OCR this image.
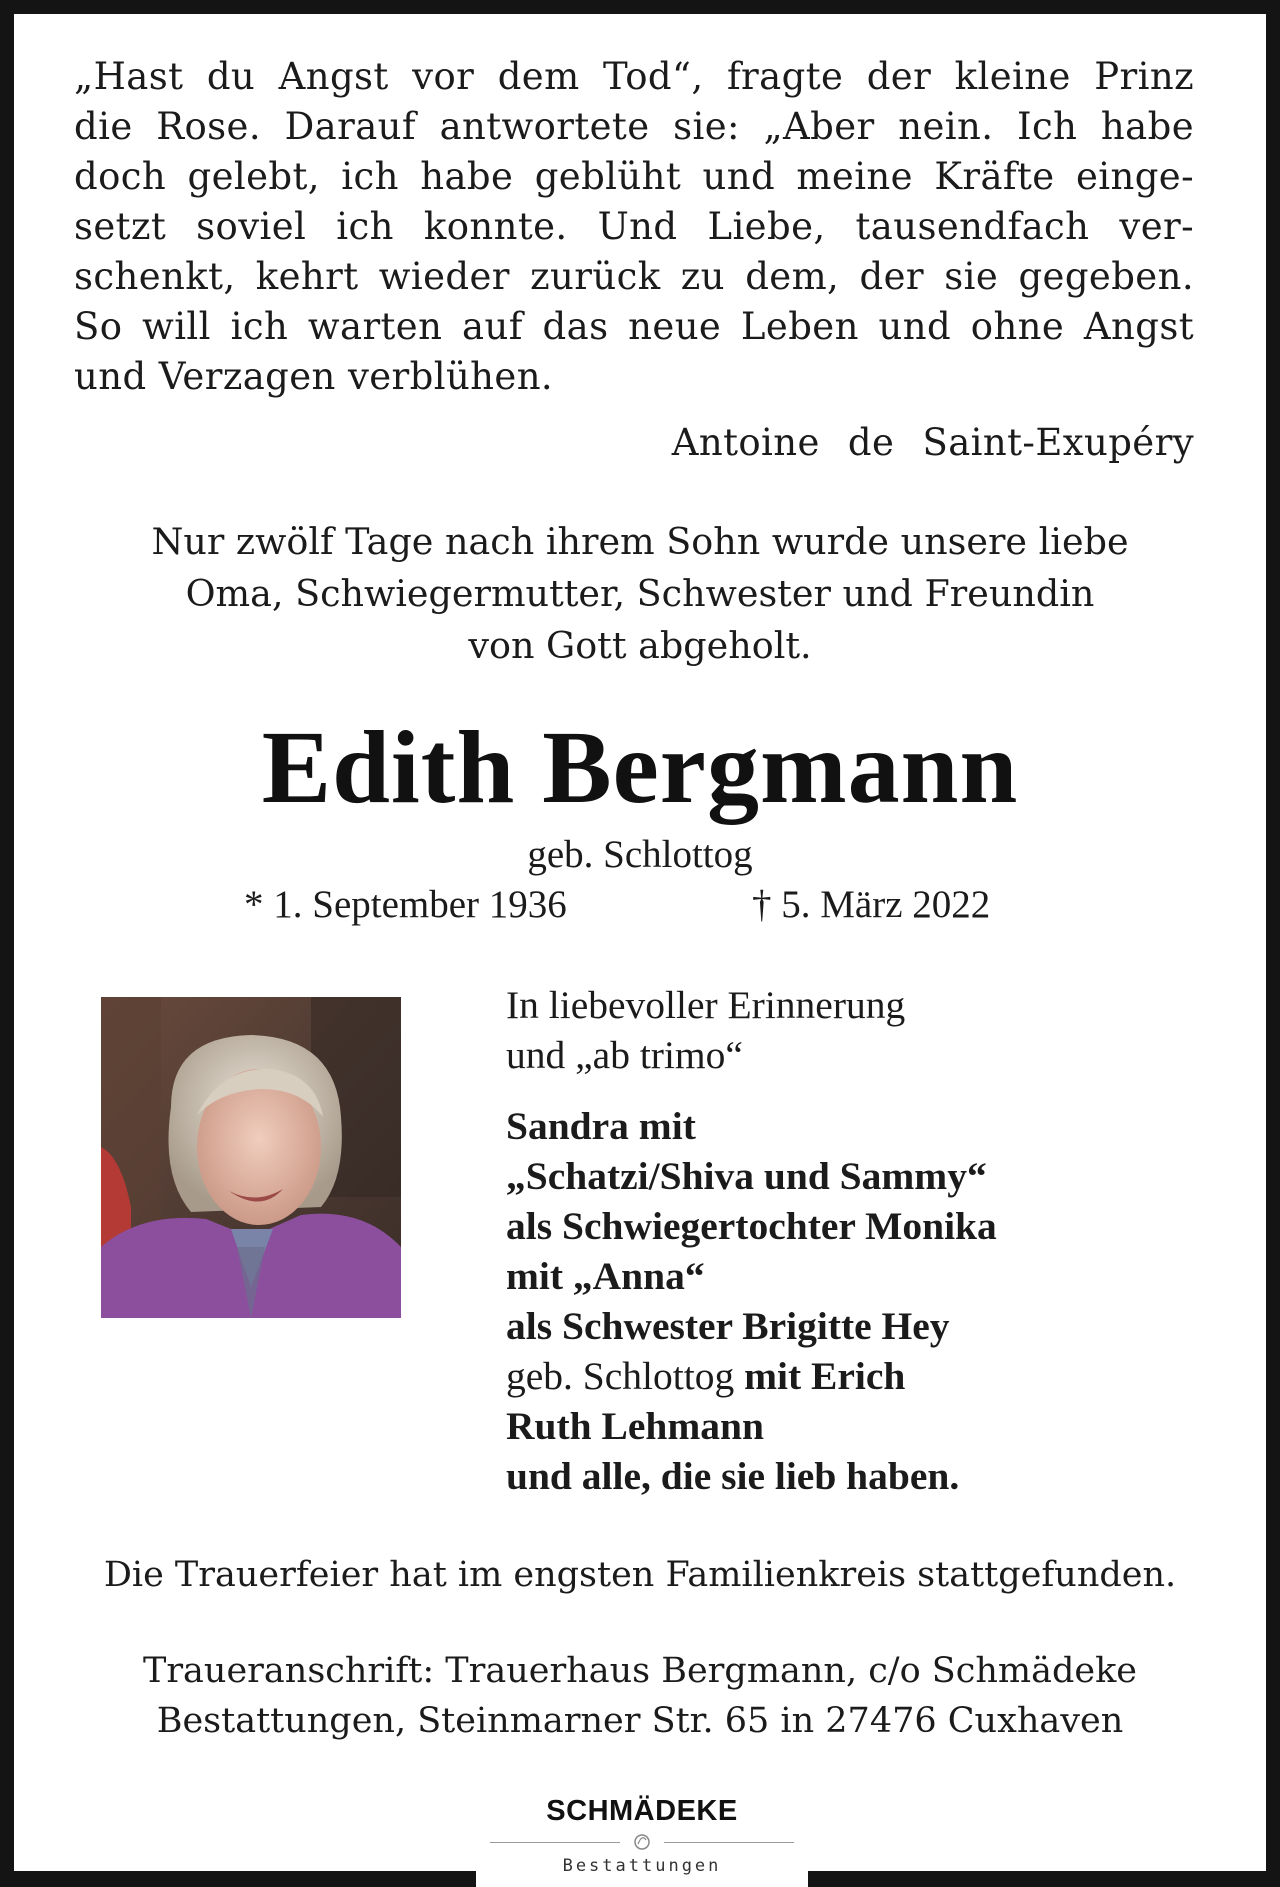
„Hast du Angst vor dem Tod“, fragte der kleine Prinz
die Rose. Darauf antwortete sie: „Aber nein. Ich habe
doch gelebt, ich habe geblüht und meine Kräfte einge-
setzt soviel ich konnte. Und Liebe, tausendfach ver-
schenkt, kehrt wieder zurück zu dem, der sie gegeben.
So will ich warten auf das neue Leben und ohne Angst
und Verzagen verblühen.
Antoine de Saint-Exupéry
Nur zwölf Tage nach ihrem Sohn wurde unsere liebe
Oma, Schwiegermutter, Schwester und Freundin
von Gott abgeholt.
Edith Bergmann
geb. Schlottog
* 1. September 1936	† 5. März 2022
In liebevoller Erinnerung
und „ab trimo“
Sandra mit
„Schatzi/Shiva und Sammy“
als Schwiegertochter Monika
mit „Anna“
als Schwester Brigitte Hey
geb. Schlottog mit Erich
Ruth Lehmann
und alle, die sie lieb haben.
Die Trauerfeier hat im engsten Familienkreis stattgefunden.
Traueranschrift: Trauerhaus Bergmann, c/o Schmädeke
Bestattungen, Steinmarner Str. 65 in 27476 Cuxhaven
SCHMÄDEKE
Bestattungen
